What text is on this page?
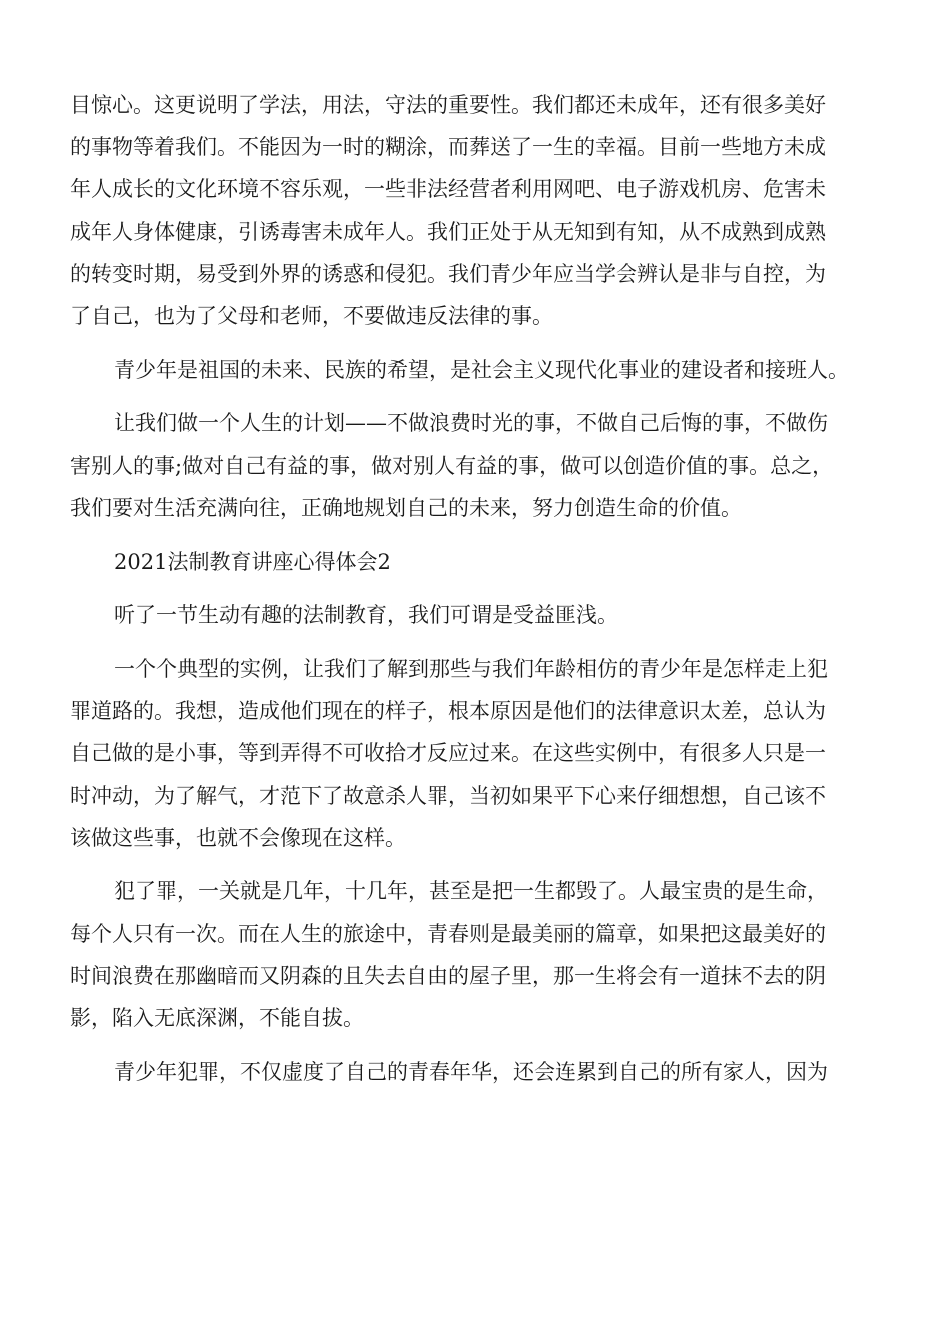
目惊心。这更说明了学法，用法，守法的重要性。我们都还未成年，还有很多美好
的事物等着我们。不能因为一时的糊涂，而葬送了一生的幸福。目前一些地方未成
年人成长的文化环境不容乐观，一些非法经营者利用网吧、电子游戏机房、危害未
成年人身体健康，引诱毒害未成年人。我们正处于从无知到有知，从不成熟到成熟
的转变时期，易受到外界的诱惑和侵犯。我们青少年应当学会辨认是非与自控，为
了自己，也为了父母和老师，不要做违反法律的事。
青少年是祖国的未来、民族的希望，是社会主义现代化事业的建设者和接班人。
让我们做一个人生的计划——不做浪费时光的事，不做自己后悔的事，不做伤
害别人的事;做对自己有益的事，做对别人有益的事，做可以创造价值的事。总之，
我们要对生活充满向往，正确地规划自己的未来，努力创造生命的价值。
2021法制教育讲座心得体会2
听了一节生动有趣的法制教育，我们可谓是受益匪浅。
一个个典型的实例，让我们了解到那些与我们年龄相仿的青少年是怎样走上犯
罪道路的。我想，造成他们现在的样子，根本原因是他们的法律意识太差，总认为
自己做的是小事，等到弄得不可收拾才反应过来。在这些实例中，有很多人只是一
时冲动，为了解气，才范下了故意杀人罪，当初如果平下心来仔细想想，自己该不
该做这些事，也就不会像现在这样。
犯了罪，一关就是几年，十几年，甚至是把一生都毁了。人最宝贵的是生命，
每个人只有一次。而在人生的旅途中，青春则是最美丽的篇章，如果把这最美好的
时间浪费在那幽暗而又阴森的且失去自由的屋子里，那一生将会有一道抹不去的阴
影，陷入无底深渊，不能自拔。
青少年犯罪，不仅虚度了自己的青春年华，还会连累到自己的所有家人，因为
